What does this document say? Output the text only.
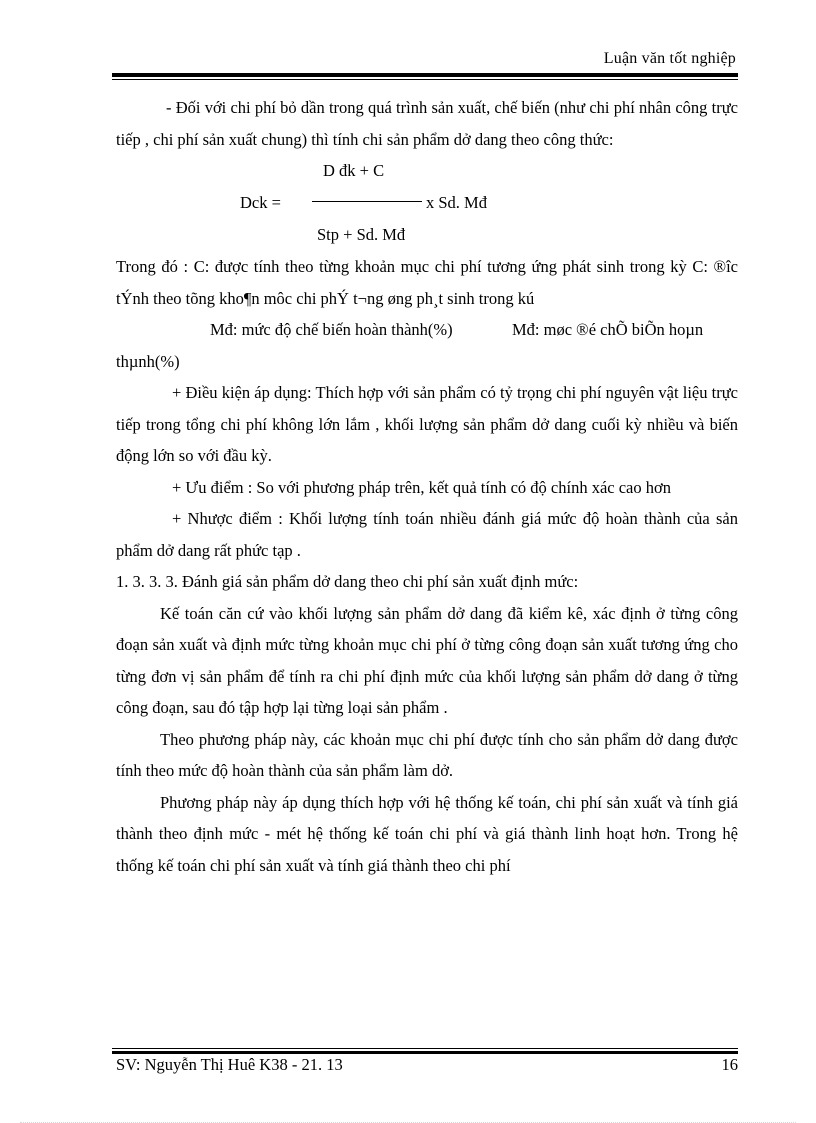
Luận văn tốt nghiệp

- Đối với chi phí bỏ dần trong quá trình sản xuất, chế biến (như chi phí nhân công trực tiếp , chi phí sản xuất chung) thì tính chi sản phẩm dở dang theo công thức:

D đk + C
Dck =	x Sd. Mđ
Stp + Sd. Mđ

Trong đó : C: được tính theo từng khoản mục chi phí tương ứng phát sinh trong kỳ C: ®îc tÝnh theo tõng kho¶n môc chi phÝ t¬ng øng ph¸t sinh trong kú

Mđ: mức độ chế biến hoàn thành(%)	Mđ: møc ®é chÕ biÕn hoµn

thµnh(%)

+ Điều kiện áp dụng: Thích hợp với sản phẩm có tỷ trọng chi phí nguyên vật liệu trực tiếp trong tổng chi phí không lớn lắm , khối lượng sản phẩm dở dang cuối kỳ nhiều và biến động lớn so với đầu kỳ.

+ Ưu điểm : So với phương pháp trên, kết quả tính có độ chính xác cao hơn

+ Nhược điểm : Khối lượng tính toán nhiều đánh giá mức độ hoàn thành của sản phẩm dở dang rất phức tạp .

1. 3. 3. 3. Đánh giá sản phẩm dở dang theo chi phí sản xuất định mức:

Kế toán căn cứ vào khối lượng sản phẩm dở dang đã kiểm kê, xác định ở từng công đoạn sản xuất và định mức từng khoản mục chi phí ở từng công đoạn sản xuất tương ứng cho từng đơn vị sản phẩm để tính ra chi phí định mức của khối lượng sản phẩm dở dang ở từng công đoạn, sau đó tập hợp lại từng loại sản phẩm .

Theo phương pháp này, các khoản mục chi phí được tính cho sản phẩm dở dang được tính theo mức độ hoàn thành của sản phẩm làm dở.

Phương pháp này áp dụng thích hợp với hệ thống kế toán, chi phí sản xuất và tính giá thành theo định mức - mét hệ thống kế toán chi phí và giá thành linh hoạt hơn. Trong hệ thống kế toán chi phí sản xuất và tính giá thành theo chi phí

SV: Nguyễn Thị Huê K38 - 21. 13	16
